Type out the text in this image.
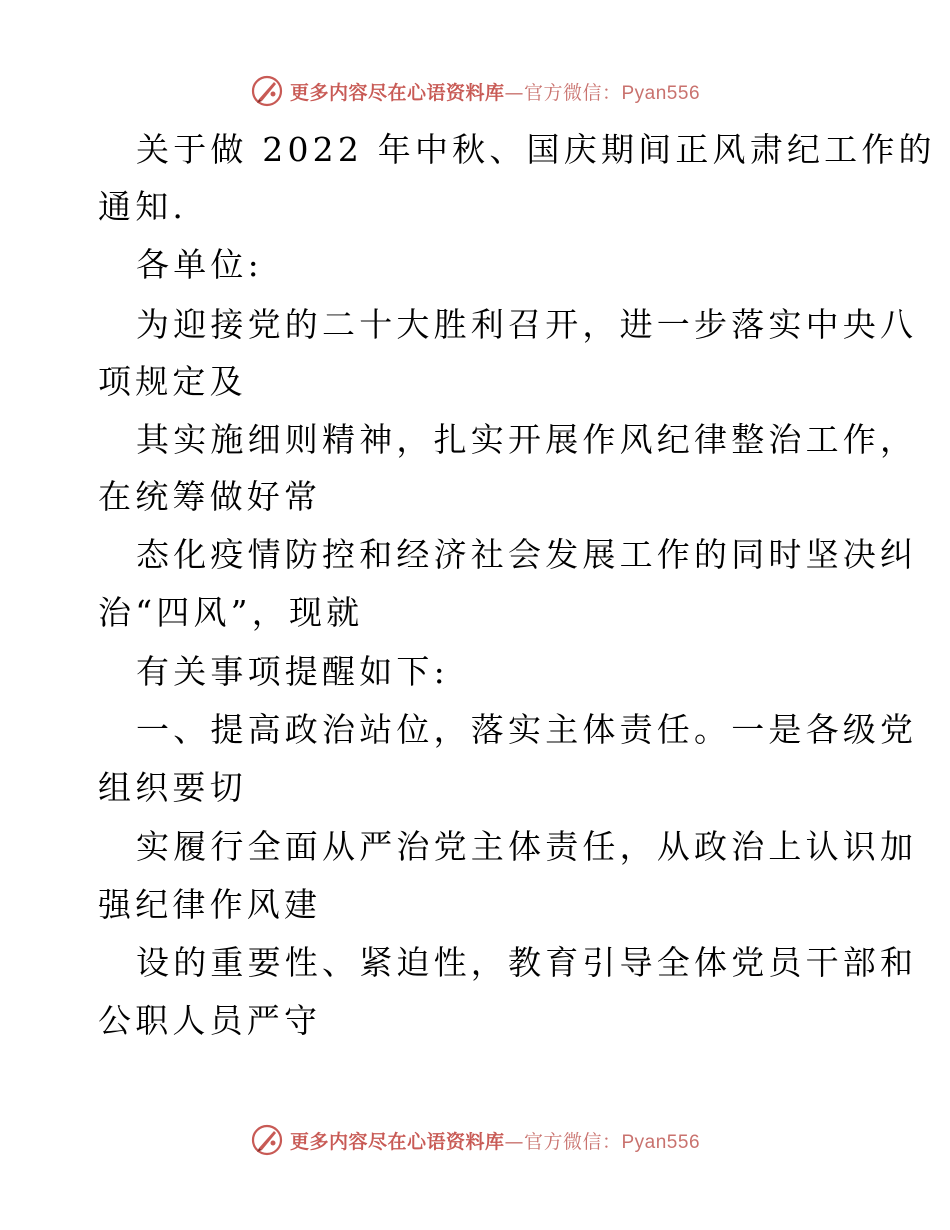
更多内容尽在心语资料库—官方微信：Pyan556
关于做 2022 年中秋、国庆期间正风肃纪工作的
通知.
各单位:
为迎接党的二十大胜利召开，进一步落实中央八
项规定及
其实施细则精神，扎实开展作风纪律整治工作，
在统筹做好常
态化疫情防控和经济社会发展工作的同时坚决纠
治“四风”，现就
有关事项提醒如下:
一、提高政治站位，落实主体责任。一是各级党
组织要切
实履行全面从严治党主体责任，从政治上认识加
强纪律作风建
设的重要性、紧迫性，教育引导全体党员干部和
公职人员严守
更多内容尽在心语资料库—官方微信：Pyan556
